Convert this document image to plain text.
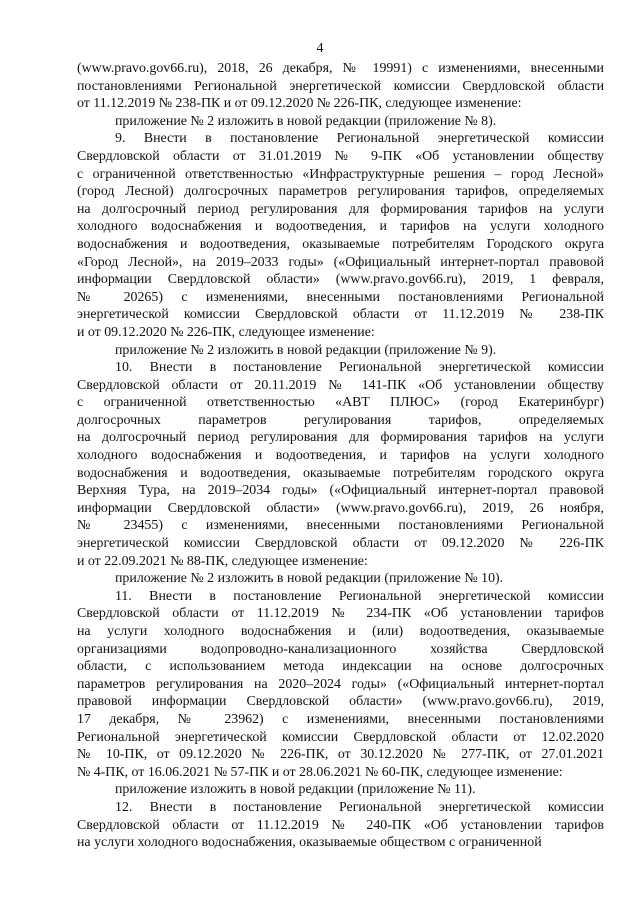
4
(www.pravo.gov66.ru), 2018, 26 декабря, № 19991) с изменениями, внесенными
постановлениями Региональной энергетической комиссии Свердловской области
от 11.12.2019 № 238-ПК и от 09.12.2020 № 226-ПК, следующее изменение:
приложение № 2 изложить в новой редакции (приложение № 8).
9. Внести в постановление Региональной энергетической комиссии
Свердловской области от 31.01.2019 № 9-ПК «Об установлении обществу
с ограниченной ответственностью «Инфраструктурные решения – город Лесной»
(город Лесной) долгосрочных параметров регулирования тарифов, определяемых
на долгосрочный период регулирования для формирования тарифов на услуги
холодного водоснабжения и водоотведения, и тарифов на услуги холодного
водоснабжения и водоотведения, оказываемые потребителям Городского округа
«Город Лесной», на 2019–2033 годы» («Официальный интернет-портал правовой
информации Свердловской области» (www.pravo.gov66.ru), 2019, 1 февраля,
№ 20265) с изменениями, внесенными постановлениями Региональной
энергетической комиссии Свердловской области от 11.12.2019 № 238-ПК
и от 09.12.2020 № 226-ПК, следующее изменение:
приложение № 2 изложить в новой редакции (приложение № 9).
10. Внести в постановление Региональной энергетической комиссии
Свердловской области от 20.11.2019 № 141-ПК «Об установлении обществу
с ограниченной ответственностью «АВТ ПЛЮС» (город Екатеринбург)
долгосрочных параметров регулирования тарифов, определяемых
на долгосрочный период регулирования для формирования тарифов на услуги
холодного водоснабжения и водоотведения, и тарифов на услуги холодного
водоснабжения и водоотведения, оказываемые потребителям городского округа
Верхняя Тура, на 2019–2034 годы» («Официальный интернет-портал правовой
информации Свердловской области» (www.pravo.gov66.ru), 2019, 26 ноября,
№ 23455) с изменениями, внесенными постановлениями Региональной
энергетической комиссии Свердловской области от 09.12.2020 № 226-ПК
и от 22.09.2021 № 88-ПК, следующее изменение:
приложение № 2 изложить в новой редакции (приложение № 10).
11. Внести в постановление Региональной энергетической комиссии
Свердловской области от 11.12.2019 № 234-ПК «Об установлении тарифов
на услуги холодного водоснабжения и (или) водоотведения, оказываемые
организациями водопроводно-канализационного хозяйства Свердловской
области, с использованием метода индексации на основе долгосрочных
параметров регулирования на 2020–2024 годы» («Официальный интернет-портал
правовой информации Свердловской области» (www.pravo.gov66.ru), 2019,
17 декабря, № 23962) с изменениями, внесенными постановлениями
Региональной энергетической комиссии Свердловской области от 12.02.2020
№ 10-ПК, от 09.12.2020 № 226-ПК, от 30.12.2020 № 277-ПК, от 27.01.2021
№ 4-ПК, от 16.06.2021 № 57-ПК и от 28.06.2021 № 60-ПК, следующее изменение:
приложение изложить в новой редакции (приложение № 11).
12. Внести в постановление Региональной энергетической комиссии
Свердловской области от 11.12.2019 № 240-ПК «Об установлении тарифов
на услуги холодного водоснабжения, оказываемые обществом с ограниченной
